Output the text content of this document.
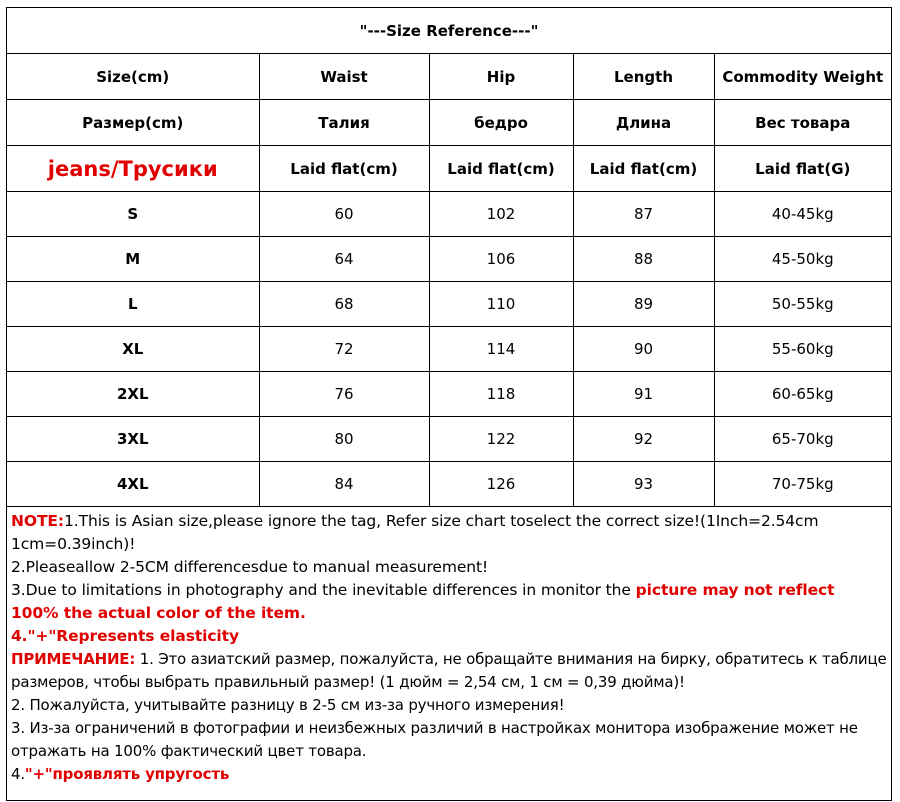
"---Size Reference---"				
Size(cm)	Waist	Hip	Length	Commodity Weight
Размер(cm)	Талия	бедро	Длина	Вес товара
jeans/Трусики	Laid flat(cm)	Laid flat(cm)	Laid flat(cm)	Laid flat(G)
S	60	102	87	40-45kg
M	64	106	88	45-50kg
L	68	110	89	50-55kg
XL	72	114	90	55-60kg
2XL	76	118	91	60-65kg
3XL	80	122	92	65-70kg
4XL	84	126	93	70-75kg

NOTE:1.This is Asian size,please ignore the tag, Refer size chart toselect the correct size!(1Inch=2.54cm 1cm=0.39inch)!

2.Pleaseallow 2-5CM differencesdue to manual measurement!

3.Due to limitations in photography and the inevitable differences in monitor the picture may not reflect 100% the actual color of the item.

4."+"Represents elasticity

ПРИМЕЧАНИЕ: 1. Это азиатский размер, пожалуйста, не обращайте внимания на бирку, обратитесь к таблице размеров, чтобы выбрать правильный размер! (1 дюйм = 2,54 см, 1 см = 0,39 дюйма)!

2. Пожалуйста, учитывайте разницу в 2-5 см из-за ручного измерения!

3. Из-за ограничений в фотографии и неизбежных различий в настройках монитора изображение может не отражать на 100% фактический цвет товара.

4."+"проявлять упругость
